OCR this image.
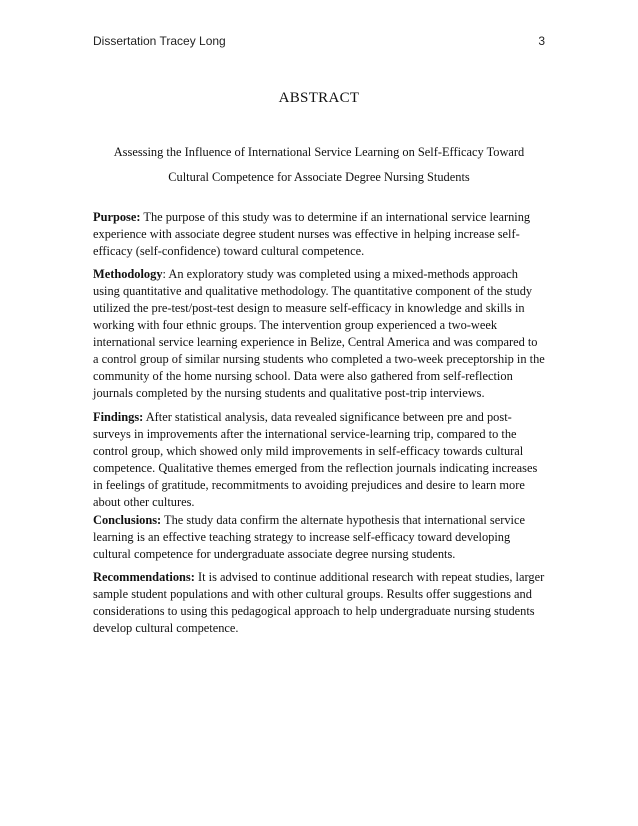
Dissertation Tracey Long	3
ABSTRACT
Assessing the Influence of International Service Learning on Self-Efficacy Toward
Cultural Competence for Associate Degree Nursing Students

Purpose: The purpose of this study was to determine if an international service learning experience with associate degree student nurses was effective in helping increase self-efficacy (self-confidence) toward cultural competence.

Methodology: An exploratory study was completed using a mixed-methods approach using quantitative and qualitative methodology. The quantitative component of the study utilized the pre-test/post-test design to measure self-efficacy in knowledge and skills in working with four ethnic groups. The intervention group experienced a two-week international service learning experience in Belize, Central America and was compared to a control group of similar nursing students who completed a two-week preceptorship in the community of the home nursing school. Data were also gathered from self-reflection journals completed by the nursing students and qualitative post-trip interviews.

Findings: After statistical analysis, data revealed significance between pre and post-surveys in improvements after the international service-learning trip, compared to the control group, which showed only mild improvements in self-efficacy towards cultural competence. Qualitative themes emerged from the reflection journals indicating increases in feelings of gratitude, recommitments to avoiding prejudices and desire to learn more about other cultures.

Conclusions: The study data confirm the alternate hypothesis that international service learning is an effective teaching strategy to increase self-efficacy toward developing cultural competence for undergraduate associate degree nursing students.

Recommendations: It is advised to continue additional research with repeat studies, larger sample student populations and with other cultural groups. Results offer suggestions and considerations to using this pedagogical approach to help undergraduate nursing students develop cultural competence.
